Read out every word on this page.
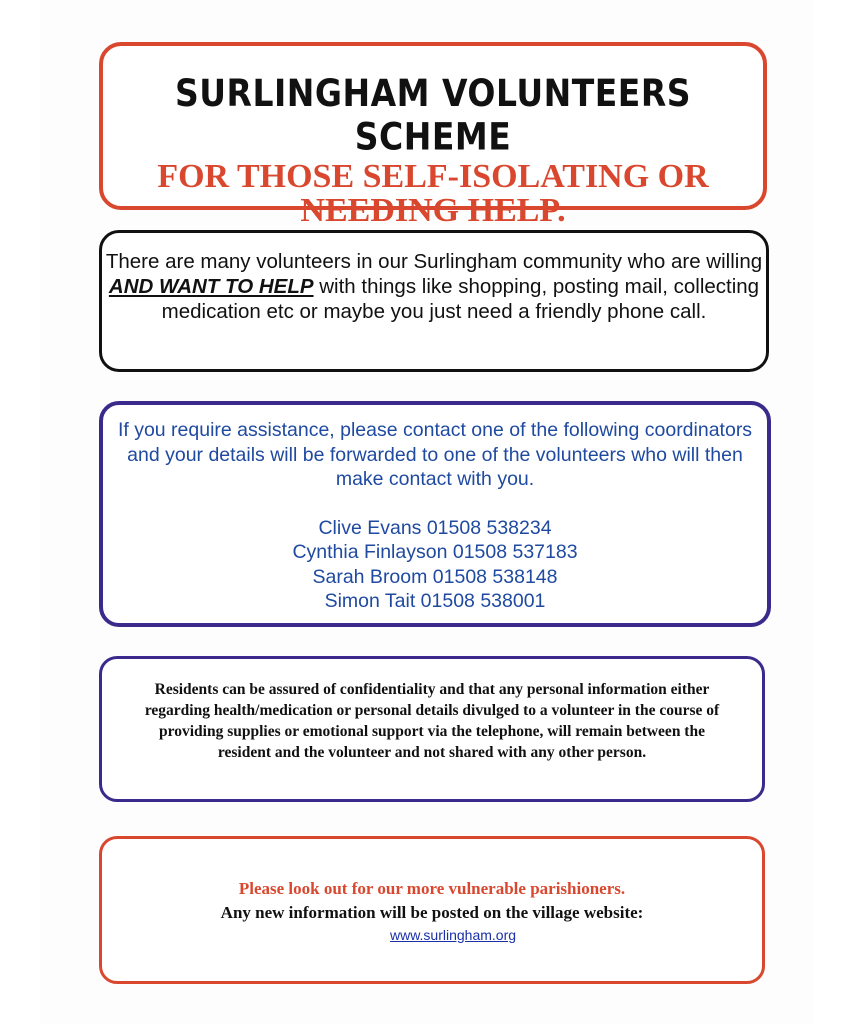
SURLINGHAM VOLUNTEERS SCHEME
FOR THOSE SELF-ISOLATING OR NEEDING HELP.
There are many volunteers in our Surlingham community who are willing AND WANT TO HELP with things like shopping, posting mail, collecting medication etc or maybe you just need a friendly phone call.
If you require assistance, please contact one of the following coordinators and your details will be forwarded to one of the volunteers who will then make contact with you.
Clive Evans 01508 538234
Cynthia Finlayson 01508 537183
Sarah Broom 01508 538148
Simon Tait 01508 538001
Residents can be assured of confidentiality and that any personal information either regarding health/medication or personal details divulged to a volunteer in the course of providing supplies or emotional support via the telephone, will remain between the resident and the volunteer and not shared with any other person.
Please look out for our more vulnerable parishioners.
Any new information will be posted on the village website:
www.surlingham.org
